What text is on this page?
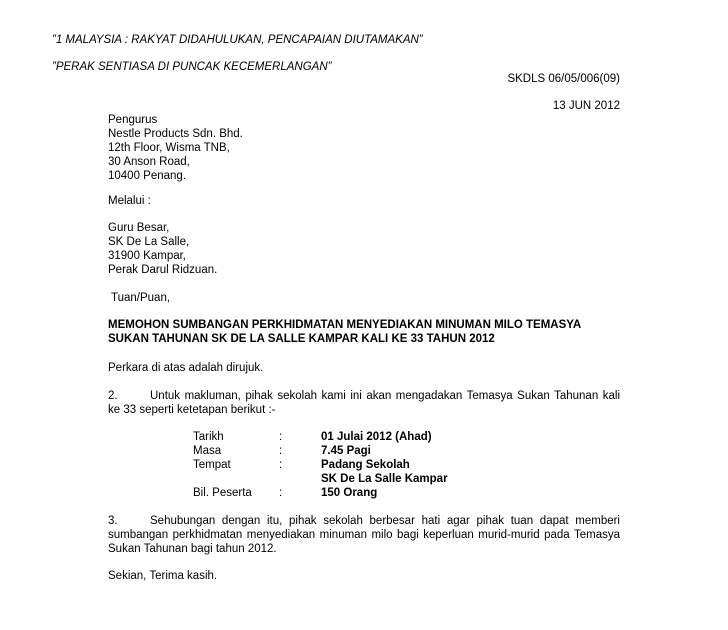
”1 MALAYSIA : RAKYAT DIDAHULUKAN, PENCAPAIAN DIUTAMAKAN”
”PERAK SENTIASA DI PUNCAK KECEMERLANGAN”
SKDLS 06/05/006(09)
13 JUN 2012
Pengurus
Nestle Products Sdn. Bhd.
12th Floor, Wisma TNB,
30 Anson Road,
10400 Penang.
Melalui :
Guru Besar,
SK De La Salle,
31900 Kampar,
Perak Darul Ridzuan.
Tuan/Puan,
MEMOHON SUMBANGAN PERKHIDMATAN MENYEDIAKAN MINUMAN MILO TEMASYA
SUKAN TAHUNAN SK DE LA SALLE KAMPAR KALI KE 33 TAHUN 2012
Perkara di atas adalah dirujuk.
2.	Untuk makluman, pihak sekolah kami ini akan mengadakan Temasya Sukan Tahunan kali ke 33 seperti ketetapan berikut :-
Tarikh	:	01 Julai 2012 (Ahad)
Masa	:	7.45 Pagi
Tempat	:	Padang Sekolah
SK De La Salle Kampar
Bil. Peserta :	150 Orang
3.	Sehubungan dengan itu, pihak sekolah berbesar hati agar pihak tuan dapat memberi sumbangan perkhidmatan menyediakan minuman milo bagi keperluan murid-murid pada Temasya Sukan Tahunan bagi tahun 2012.
Sekian, Terima kasih.
